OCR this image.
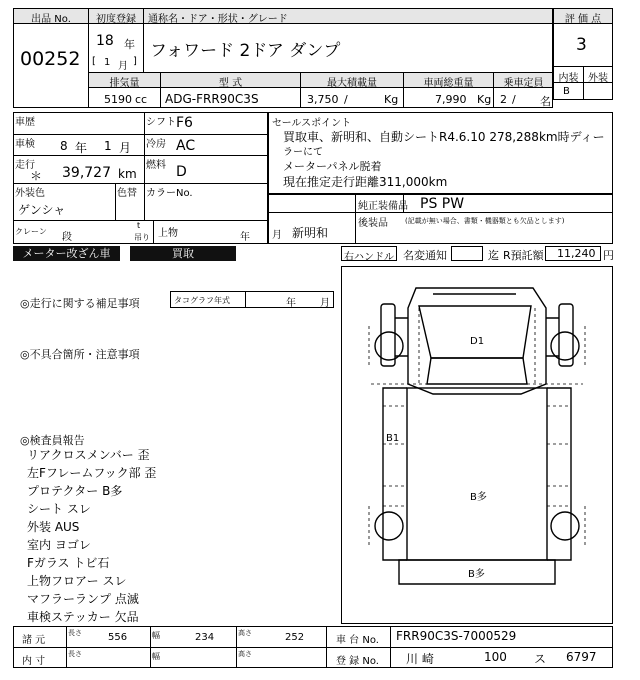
出品 No.	初度登録	通称名・ドア・形状・グレード
00252
18 年
[ 1 月 ]
フォワード 2ドア ダンプ
排気量	型 式	最大積載量	車両総重量	乗車定員
5190 cc ADG-FRR90C3S	3,750 /	Kg	7,990 Kg 2 / 名
評 価 点
3
内装 外装
B
車歴	シフト F6
車検 8 年 1 月 冷房 AC
走行
＊ 39,727 km
燃料 D
外装色
ゲンシャ
色替 カラーNo.
クレーン
段
t
吊り 上物	年
セールスポイント
買取車、新明和、自動シートR4.6.10 278,288km時ディー
ラーにて
メーターパネル脱着
現在推定走行距離311,000km
純正装備品 PS PW
月 新明和
後装品 (記載が無い場合、書類・機器類とも欠品とします)
メーター改ざん車	買取	右ハンドル 名変通知	迄 R預託額 11,240 円
◎走行に関する補足事項	タコグラフ年式	年 月
◎不具合箇所・注意事項
◎検査員報告
リアクロスメンバー 歪
左Fフレームフック部 歪
プロテクター B多
シート スレ
外装 AUS
室内 ヨゴレ
Fガラス トビ石
上物フロアー スレ
マフラーランプ 点滅
車検ステッカー 欠品
D1
B1
B多
B多
諸 元
長さ	556	幅	234	高さ	252	車 台 No. FRR90C3S-7000529
内 寸
長さ	幅	高さ
登 録 No. 川 崎	100 ス 6797
